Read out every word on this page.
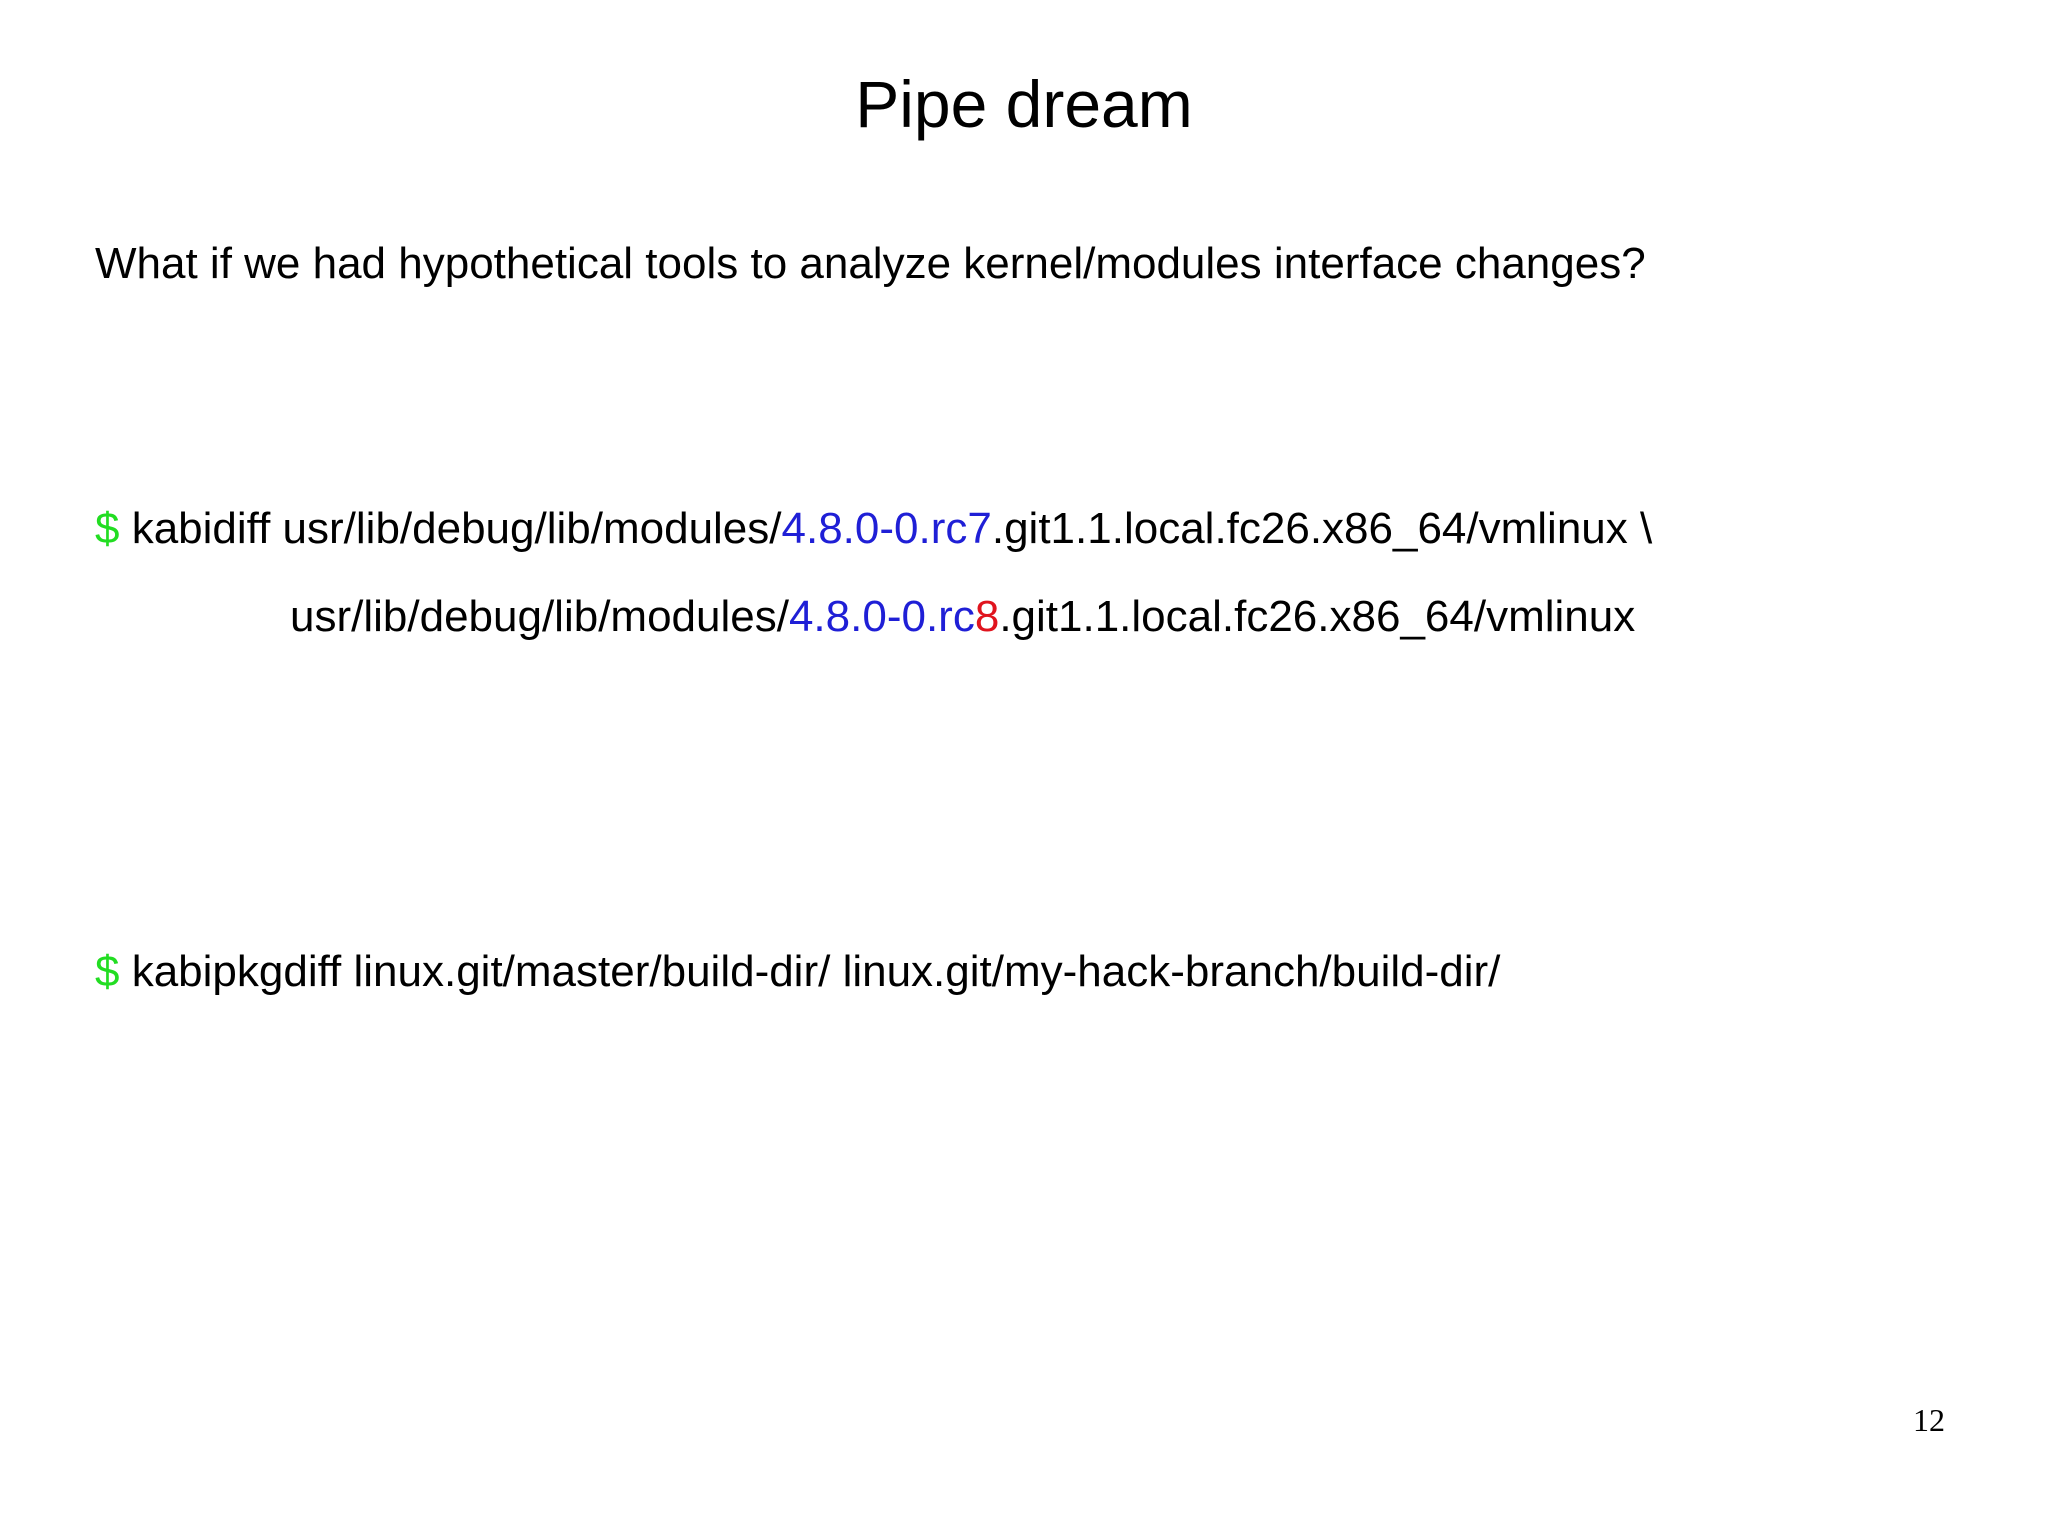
Pipe dream
What if we had hypothetical tools to analyze kernel/modules interface changes?
$ kabidiff usr/lib/debug/lib/modules/4.8.0-0.rc7.git1.1.local.fc26.x86_64/vmlinux \
usr/lib/debug/lib/modules/4.8.0-0.rc8.git1.1.local.fc26.x86_64/vmlinux
$ kabipkgdiff linux.git/master/build-dir/ linux.git/my-hack-branch/build-dir/
12
